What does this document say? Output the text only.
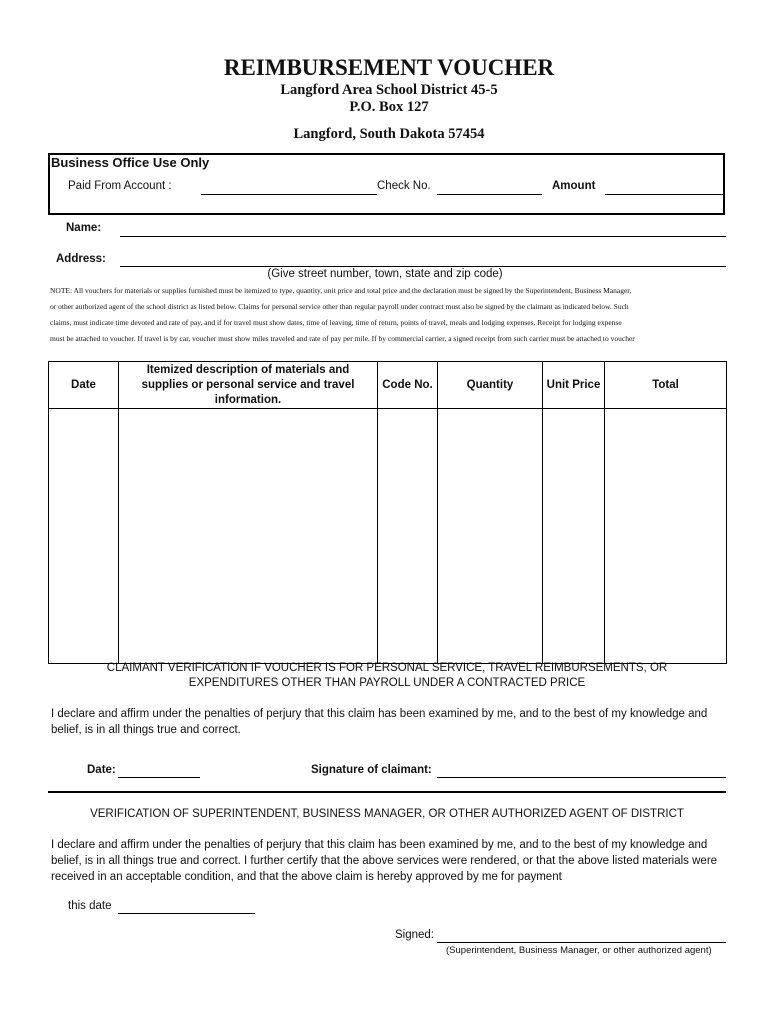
REIMBURSEMENT VOUCHER
Langford Area School District 45-5
P.O. Box 127
Langford, South Dakota 57454
Business Office Use Only
Paid From Account :	Check No.	Amount
Name:
Address:
(Give street number, town, state and zip code)
NOTE: All vouchers for materials or supplies furnished must be itemized to type, quantity, unit price and total price and the declaration must be signed by the Superintendent, Business Manager,
or other authorized agent of the school district as listed below. Claims for personal service other than regular payroll under contract must also be signed by the claimant as indicated below. Such
claims, must indicate time devoted and rate of pay, and if for travel must show dates, time of leaving, time of return, points of travel, meals and lodging expenses. Receipt for lodging expense
must be attached to voucher. If travel is by car, voucher must show miles traveled and rate of pay per mile. If by commercial carrier, a signed receipt from such carrier must be attached to voucher
Date	Itemized description of materials and supplies or personal service and travel information.	Code No.	Quantity	Unit Price	Total

CLAIMANT VERIFICATION IF VOUCHER IS FOR PERSONAL SERVICE, TRAVEL REIMBURSEMENTS, OR
EXPENDITURES OTHER THAN PAYROLL UNDER A CONTRACTED PRICE
I declare and affirm under the penalties of perjury that this claim has been examined by me, and to the best of my knowledge and belief, is in all things true and correct.
Date:	Signature of claimant:
VERIFICATION OF SUPERINTENDENT, BUSINESS MANAGER, OR OTHER AUTHORIZED AGENT OF DISTRICT
I declare and affirm under the penalties of perjury that this claim has been examined by me, and to the best of my knowledge and belief, is in all things true and correct. I further certify that the above services were rendered, or that the above listed materials were received in an acceptable condition, and that the above claim is hereby approved by me for payment
this date
Signed:
(Superintendent, Business Manager, or other authorized agent)
